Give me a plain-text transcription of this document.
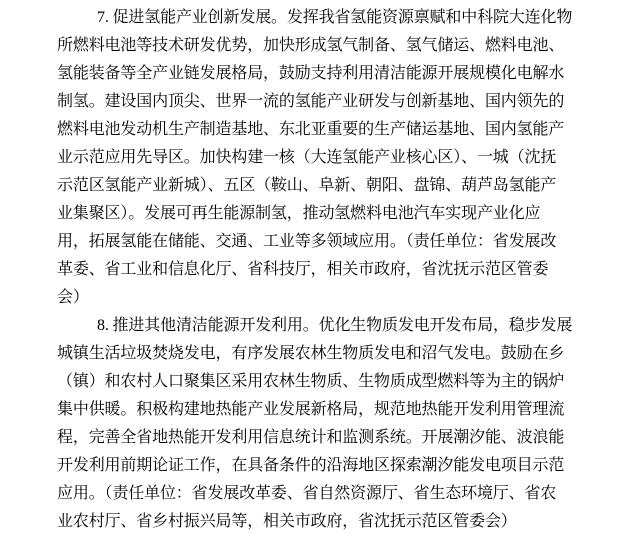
7. 促进氢能产业创新发展。发挥我省氢能资源禀赋和中科院大连化物
所燃料电池等技术研发优势，加快形成氢气制备、氢气储运、燃料电池、
氢能装备等全产业链发展格局，鼓励支持利用清洁能源开展规模化电解水
制氢。建设国内顶尖、世界一流的氢能产业研发与创新基地、国内领先的
燃料电池发动机生产制造基地、东北亚重要的生产储运基地、国内氢能产
业示范应用先导区。加快构建一核（大连氢能产业核心区）、一城（沈抚
示范区氢能产业新城）、五区（鞍山、阜新、朝阳、盘锦、葫芦岛氢能产
业集聚区）。发展可再生能源制氢，推动氢燃料电池汽车实现产业化应
用，拓展氢能在储能、交通、工业等多领域应用。（责任单位：省发展改
革委、省工业和信息化厅、省科技厅，相关市政府，省沈抚示范区管委
会）
8. 推进其他清洁能源开发利用。优化生物质发电开发布局，稳步发展
城镇生活垃圾焚烧发电，有序发展农林生物质发电和沼气发电。鼓励在乡
（镇）和农村人口聚集区采用农林生物质、生物质成型燃料等为主的锅炉
集中供暖。积极构建地热能产业发展新格局，规范地热能开发利用管理流
程，完善全省地热能开发利用信息统计和监测系统。开展潮汐能、波浪能
开发利用前期论证工作，在具备条件的沿海地区探索潮汐能发电项目示范
应用。（责任单位：省发展改革委、省自然资源厅、省生态环境厅、省农
业农村厅、省乡村振兴局等，相关市政府，省沈抚示范区管委会）
